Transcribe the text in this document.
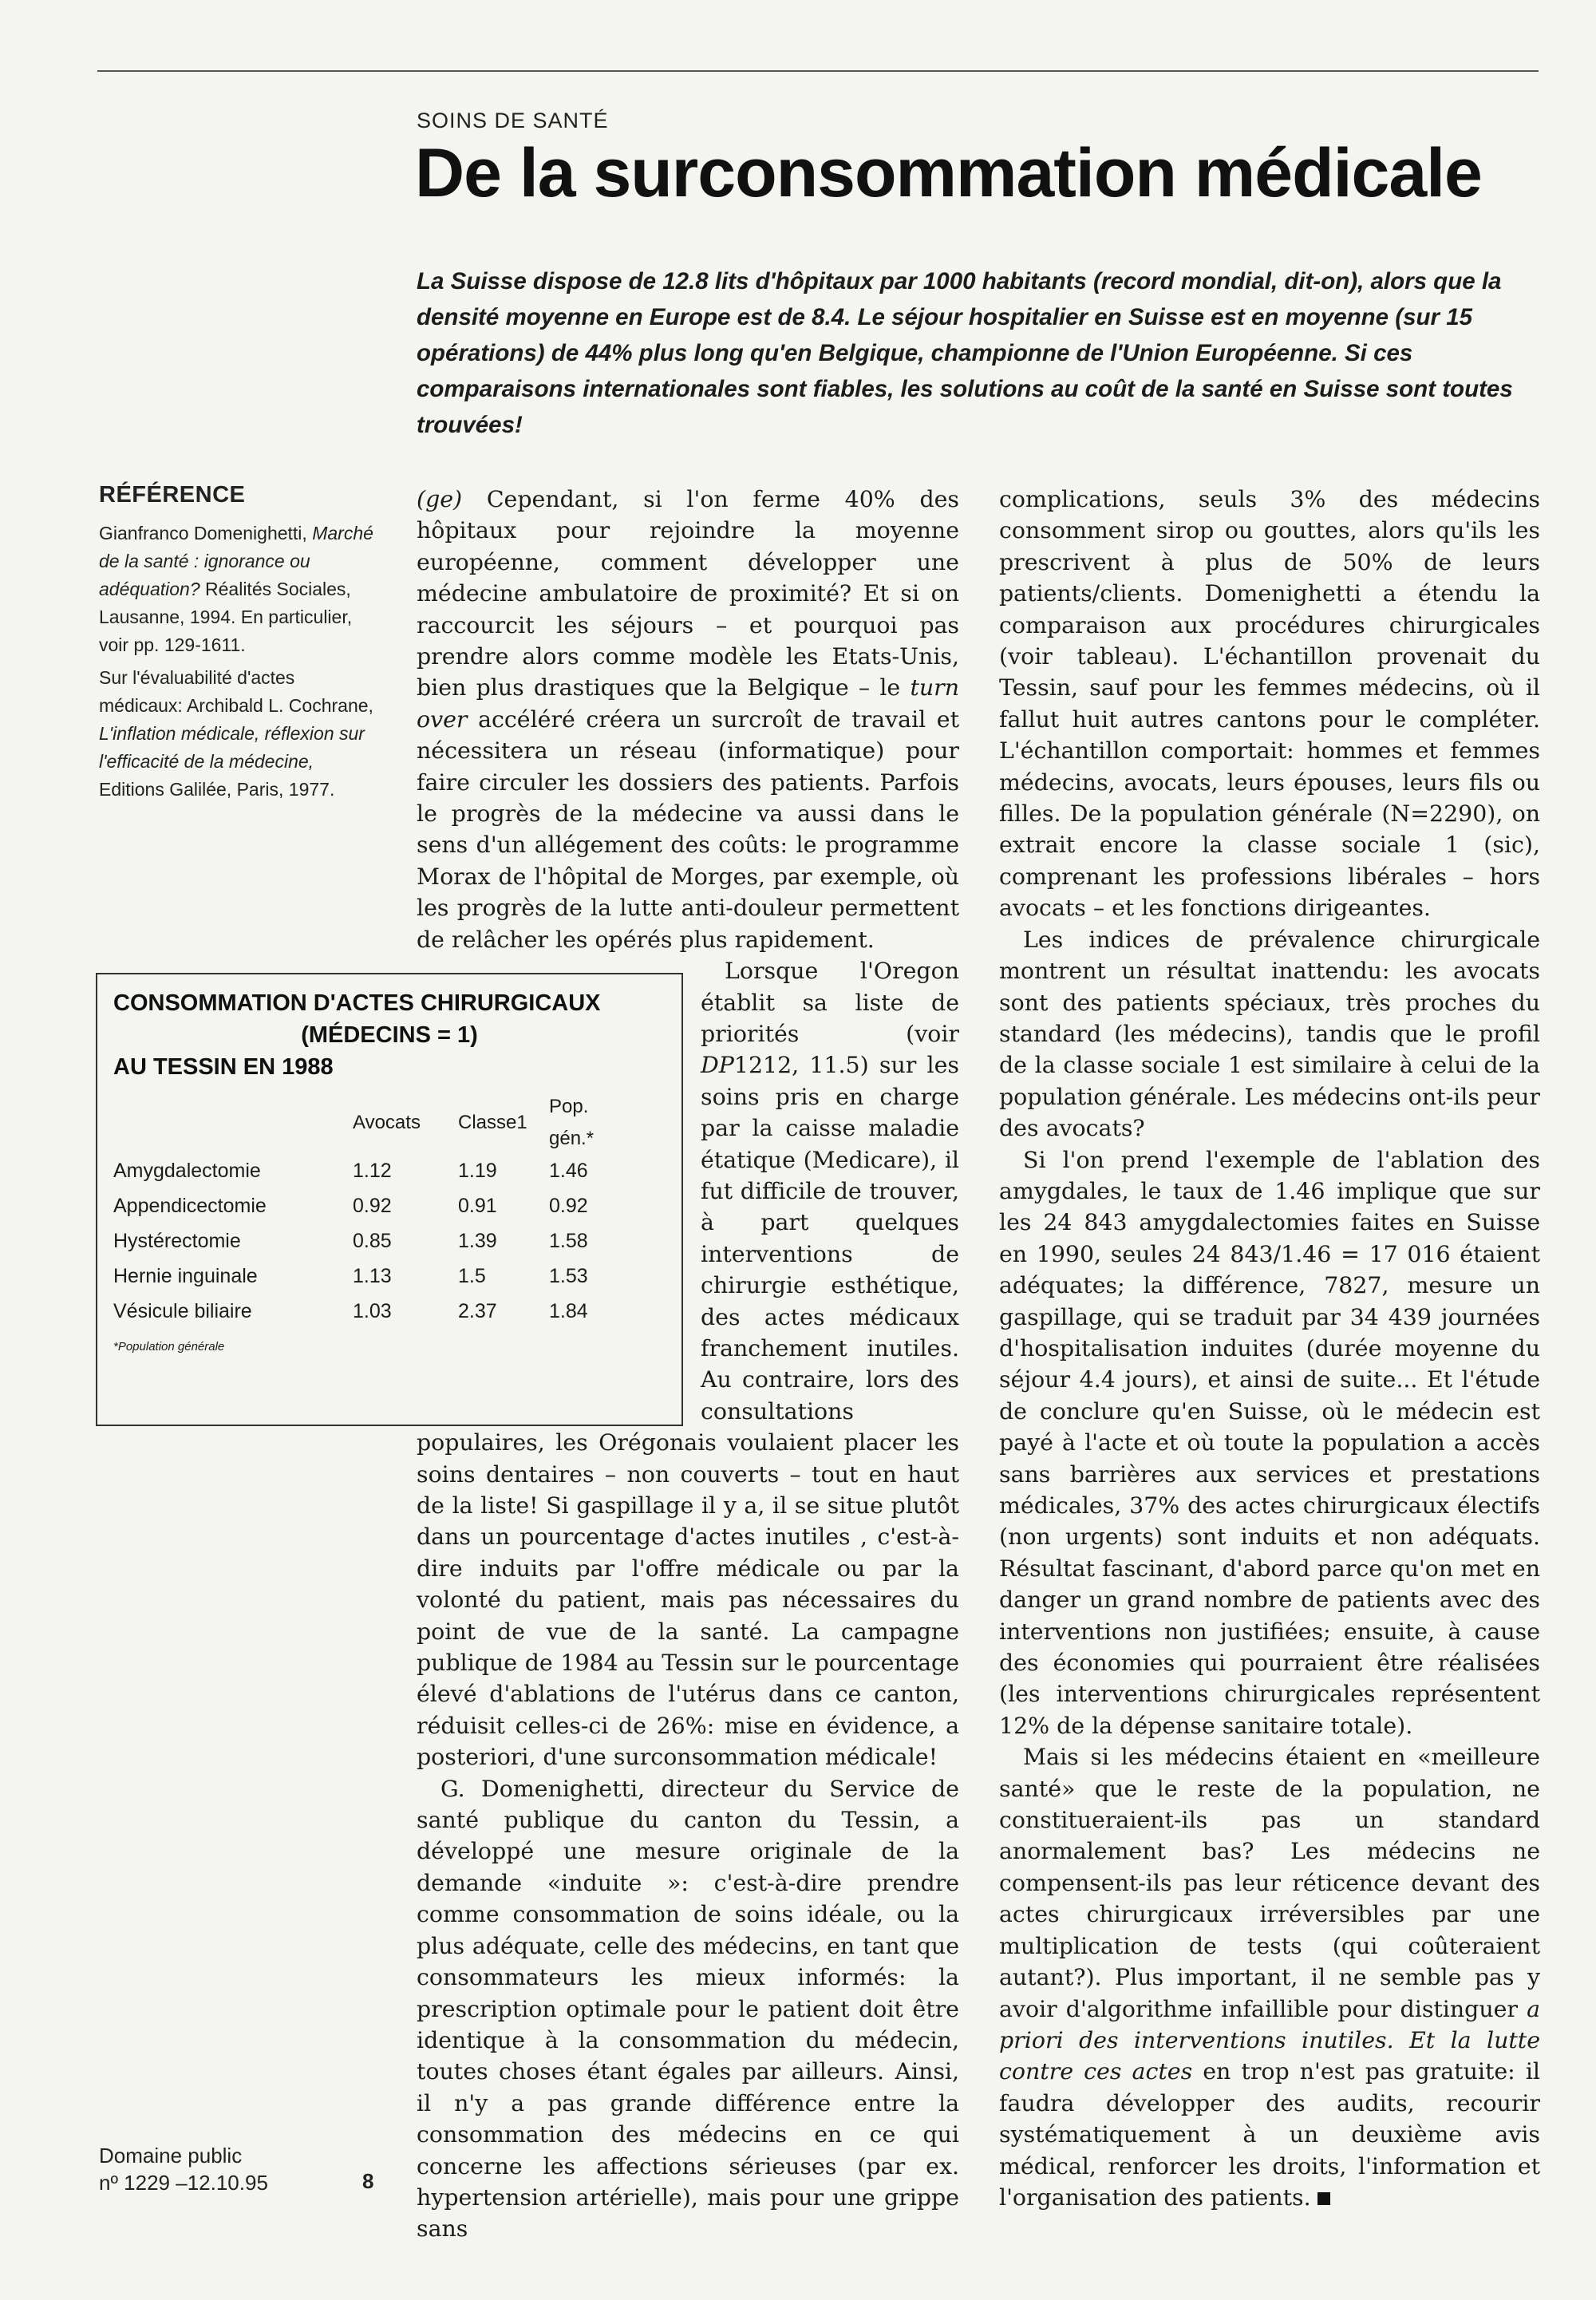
SOINS DE SANTÉ
De la surconsommation médicale

La Suisse dispose de 12.8 lits d'hôpitaux par 1000 habitants (record mondial, dit-on), alors que la densité moyenne en Europe est de 8.4. Le séjour hospitalier en Suisse est en moyenne (sur 15 opérations) de 44% plus long qu'en Belgique, championne de l'Union Européenne. Si ces comparaisons internationales sont fiables, les solutions au coût de la santé en Suisse sont toutes trouvées!

RÉFÉRENCE

Gianfranco Domenighetti, Marché de la santé : ignorance ou adéquation? Réalités Sociales, Lausanne, 1994. En particulier, voir pp. 129-1611.

Sur l'évaluabilité d'actes médicaux: Archibald L. Cochrane, L'inflation médicale, réflexion sur l'efficacité de la médecine, Editions Galilée, Paris, 1977.

(ge) Cependant, si l'on ferme 40% des hôpitaux pour rejoindre la moyenne européenne, comment développer une médecine ambulatoire de proximité? Et si on raccourcit les séjours – et pourquoi pas prendre alors comme modèle les Etats-Unis, bien plus drastiques que la Belgique – le turn over accéléré créera un surcroît de travail et nécessitera un réseau (informatique) pour faire circuler les dossiers des patients. Parfois le progrès de la médecine va aussi dans le sens d'un allégement des coûts: le programme Morax de l'hôpital de Morges, par exemple, où les progrès de la lutte anti-douleur permettent de relâcher les opérés plus rapidement.

CONSOMMATION D'ACTES CHIRURGICAUX
(MÉDECINS = 1)
AU TESSIN EN 1988
	Avocats	Classe1	Pop. gén.*
Amygdalectomie	1.12	1.19	1.46
Appendicectomie	0.92	0.91	0.92
Hystérectomie	0.85	1.39	1.58
Hernie inguinale	1.13	1.5	1.53
Vésicule biliaire	1.03	2.37	1.84
*Population générale

Lorsque l'Oregon établit sa liste de priorités (voir DP1212, 11.5) sur les soins pris en charge par la caisse maladie étatique (Medicare), il fut difficile de trouver, à part quelques interventions de chirurgie esthétique, des actes médicaux franchement inutiles. Au contraire, lors des consultations populaires, les Orégonais voulaient placer les soins dentaires – non couverts – tout en haut de la liste! Si gaspillage il y a, il se situe plutôt dans un pourcentage d'actes inutiles , c'est-à-dire induits par l'offre médicale ou par la volonté du patient, mais pas nécessaires du point de vue de la santé. La campagne publique de 1984 au Tessin sur le pourcentage élevé d'ablations de l'utérus dans ce canton, réduisit celles-ci de 26%: mise en évidence, a posteriori, d'une surconsommation médicale!

G. Domenighetti, directeur du Service de santé publique du canton du Tessin, a développé une mesure originale de la demande «induite »: c'est-à-dire prendre comme consommation de soins idéale, ou la plus adéquate, celle des médecins, en tant que consommateurs les mieux informés: la prescription optimale pour le patient doit être identique à la consommation du médecin, toutes choses étant égales par ailleurs. Ainsi, il n'y a pas grande différence entre la consommation des médecins en ce qui concerne les affections sérieuses (par ex. hypertension artérielle), mais pour une grippe sans

complications, seuls 3% des médecins consomment sirop ou gouttes, alors qu'ils les prescrivent à plus de 50% de leurs patients/clients. Domenighetti a étendu la comparaison aux procédures chirurgicales (voir tableau). L'échantillon provenait du Tessin, sauf pour les femmes médecins, où il fallut huit autres cantons pour le compléter. L'échantillon comportait: hommes et femmes médecins, avocats, leurs épouses, leurs fils ou filles. De la population générale (N=2290), on extrait encore la classe sociale 1 (sic), comprenant les professions libérales – hors avocats – et les fonctions dirigeantes.

Les indices de prévalence chirurgicale montrent un résultat inattendu: les avocats sont des patients spéciaux, très proches du standard (les médecins), tandis que le profil de la classe sociale 1 est similaire à celui de la population générale. Les médecins ont-ils peur des avocats?

Si l'on prend l'exemple de l'ablation des amygdales, le taux de 1.46 implique que sur les 24 843 amygdalectomies faites en Suisse en 1990, seules 24 843/1.46 = 17 016 étaient adéquates; la différence, 7827, mesure un gaspillage, qui se traduit par 34 439 journées d'hospitalisation induites (durée moyenne du séjour 4.4 jours), et ainsi de suite... Et l'étude de conclure qu'en Suisse, où le médecin est payé à l'acte et où toute la population a accès sans barrières aux services et prestations médicales, 37% des actes chirurgicaux électifs (non urgents) sont induits et non adéquats. Résultat fascinant, d'abord parce qu'on met en danger un grand nombre de patients avec des interventions non justifiées; ensuite, à cause des économies qui pourraient être réalisées (les interventions chirurgicales représentent 12% de la dépense sanitaire totale).

Mais si les médecins étaient en «meilleure santé» que le reste de la population, ne constitueraient-ils pas un standard anormalement bas? Les médecins ne compensent-ils pas leur réticence devant des actes chirurgicaux irréversibles par une multiplication de tests (qui coûteraient autant?). Plus important, il ne semble pas y avoir d'algorithme infaillible pour distinguer a priori des interventions inutiles. Et la lutte contre ces actes en trop n'est pas gratuite: il faudra développer des audits, recourir systématiquement à un deuxième avis médical, renforcer les droits, l'information et l'organisation des patients.

Domaine public
nº 1229 –12.10.95	8
